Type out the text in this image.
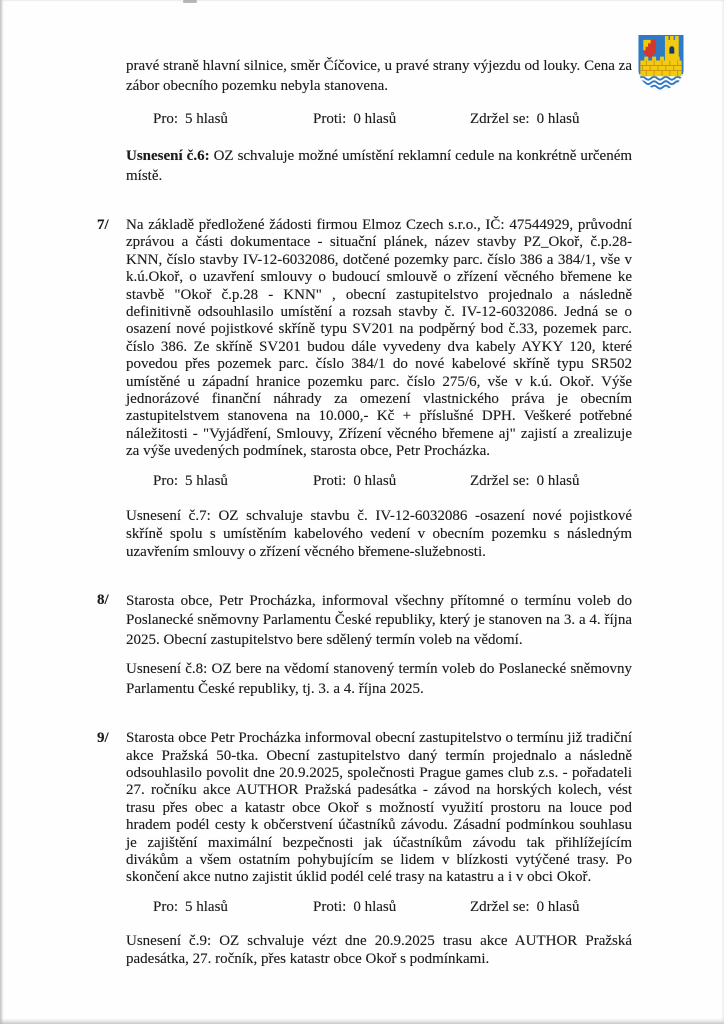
pravé straně hlavní silnice, směr Číčovice, u pravé strany výjezdu od louky. Cena za zábor obecního pozemku nebyla stanovena.

Pro: 5 hlasů	Proti: 0 hlasů	Zdržel se: 0 hlasů

Usnesení č.6: OZ schvaluje možné umístění reklamní cedule na konkrétně určeném místě.

7/ Na základě předložené žádosti firmou Elmoz Czech s.r.o., IČ: 47544929, průvodní zprávou a části dokumentace - situační plánek, název stavby PZ_Okoř, č.p.28-KNN, číslo stavby IV-12-6032086, dotčené pozemky parc. číslo 386 a 384/1, vše v k.ú.Okoř, o uzavření smlouvy o budoucí smlouvě o zřízení věcného břemene ke stavbě "Okoř č.p.28 - KNN" , obecní zastupitelstvo projednalo a následně definitivně odsouhlasilo umístění a rozsah stavby č. IV-12-6032086. Jedná se o osazení nové pojistkové skříně typu SV201 na podpěrný bod č.33, pozemek parc. číslo 386. Ze skříně SV201 budou dále vyvedeny dva kabely AYKY 120, které povedou přes pozemek parc. číslo 384/1 do nové kabelové skříně typu SR502 umístěné u západní hranice pozemku parc. číslo 275/6, vše v k.ú. Okoř. Výše jednorázové finanční náhrady za omezení vlastnického práva je obecním zastupitelstvem stanovena na 10.000,- Kč + příslušné DPH. Veškeré potřebné náležitosti - "Vyjádření, Smlouvy, Zřízení věcného břemene aj" zajistí a zrealizuje za výše uvedených podmínek, starosta obce, Petr Procházka.

Pro: 5 hlasů	Proti: 0 hlasů	Zdržel se: 0 hlasů

Usnesení č.7: OZ schvaluje stavbu č. IV-12-6032086 -osazení nové pojistkové skříně spolu s umístěním kabelového vedení v obecním pozemku s následným uzavřením smlouvy o zřízení věcného břemene-služebnosti.

8/ Starosta obce, Petr Procházka, informoval všechny přítomné o termínu voleb do Poslanecké sněmovny Parlamentu České republiky, který je stanoven na 3. a 4. října 2025. Obecní zastupitelstvo bere sdělený termín voleb na vědomí.

Usnesení č.8: OZ bere na vědomí stanovený termín voleb do Poslanecké sněmovny Parlamentu České republiky, tj. 3. a 4. října 2025.

9/ Starosta obce Petr Procházka informoval obecní zastupitelstvo o termínu již tradiční akce Pražská 50-tka. Obecní zastupitelstvo daný termín projednalo a následně odsouhlasilo povolit dne 20.9.2025, společnosti Prague games club z.s. - pořadateli 27. ročníku akce AUTHOR Pražská padesátka - závod na horských kolech, vést trasu přes obec a katastr obce Okoř s možností využití prostoru na louce pod hradem podél cesty k občerstvení účastníků závodu. Zásadní podmínkou souhlasu je zajištění maximální bezpečnosti jak účastníkům závodu tak přihlížejícím divákům a všem ostatním pohybujícím se lidem v blízkosti vytýčené trasy. Po skončení akce nutno zajistit úklid podél celé trasy na katastru a i v obci Okoř.

Pro: 5 hlasů	Proti: 0 hlasů	Zdržel se: 0 hlasů

Usnesení č.9: OZ schvaluje vézt dne 20.9.2025 trasu akce AUTHOR Pražská padesátka, 27. ročník, přes katastr obce Okoř s podmínkami.
